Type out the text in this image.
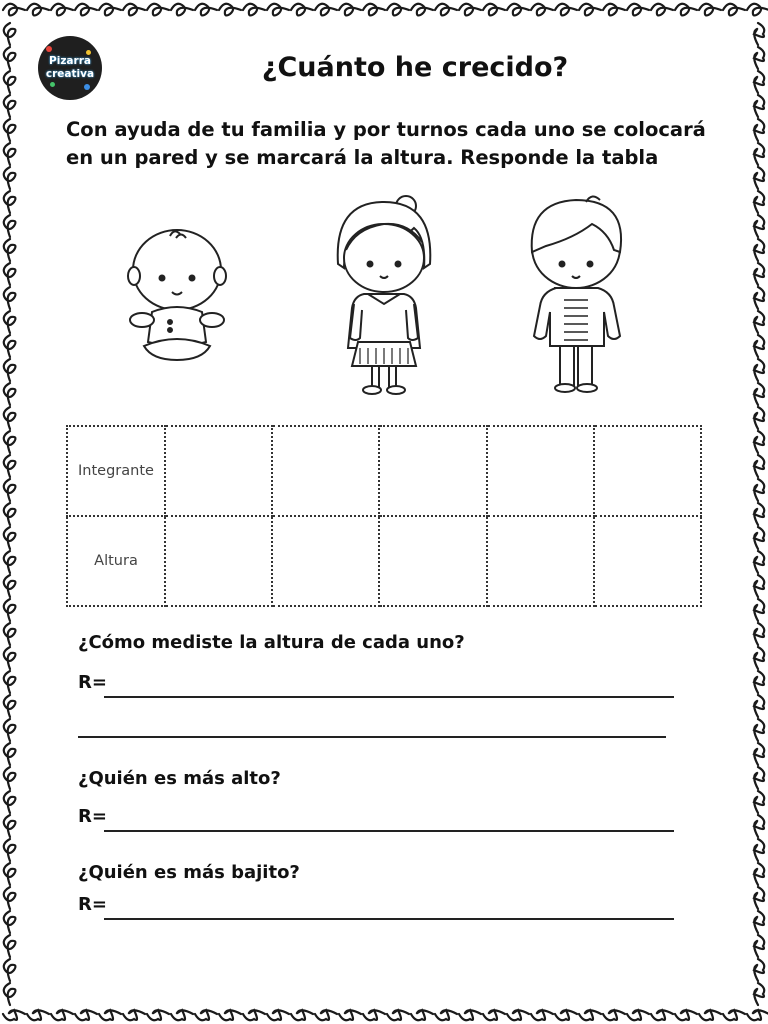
Pizarra
creativa	¿Cuánto he crecido?

Con ayuda de tu familia y por turnos cada uno se colocará en un pared y se marcará la altura. Responde la tabla

Integrante					
Altura					

¿Cómo mediste la altura de cada uno?

R=

¿Quién es más alto?

R=

¿Quién es más bajito?

R=
